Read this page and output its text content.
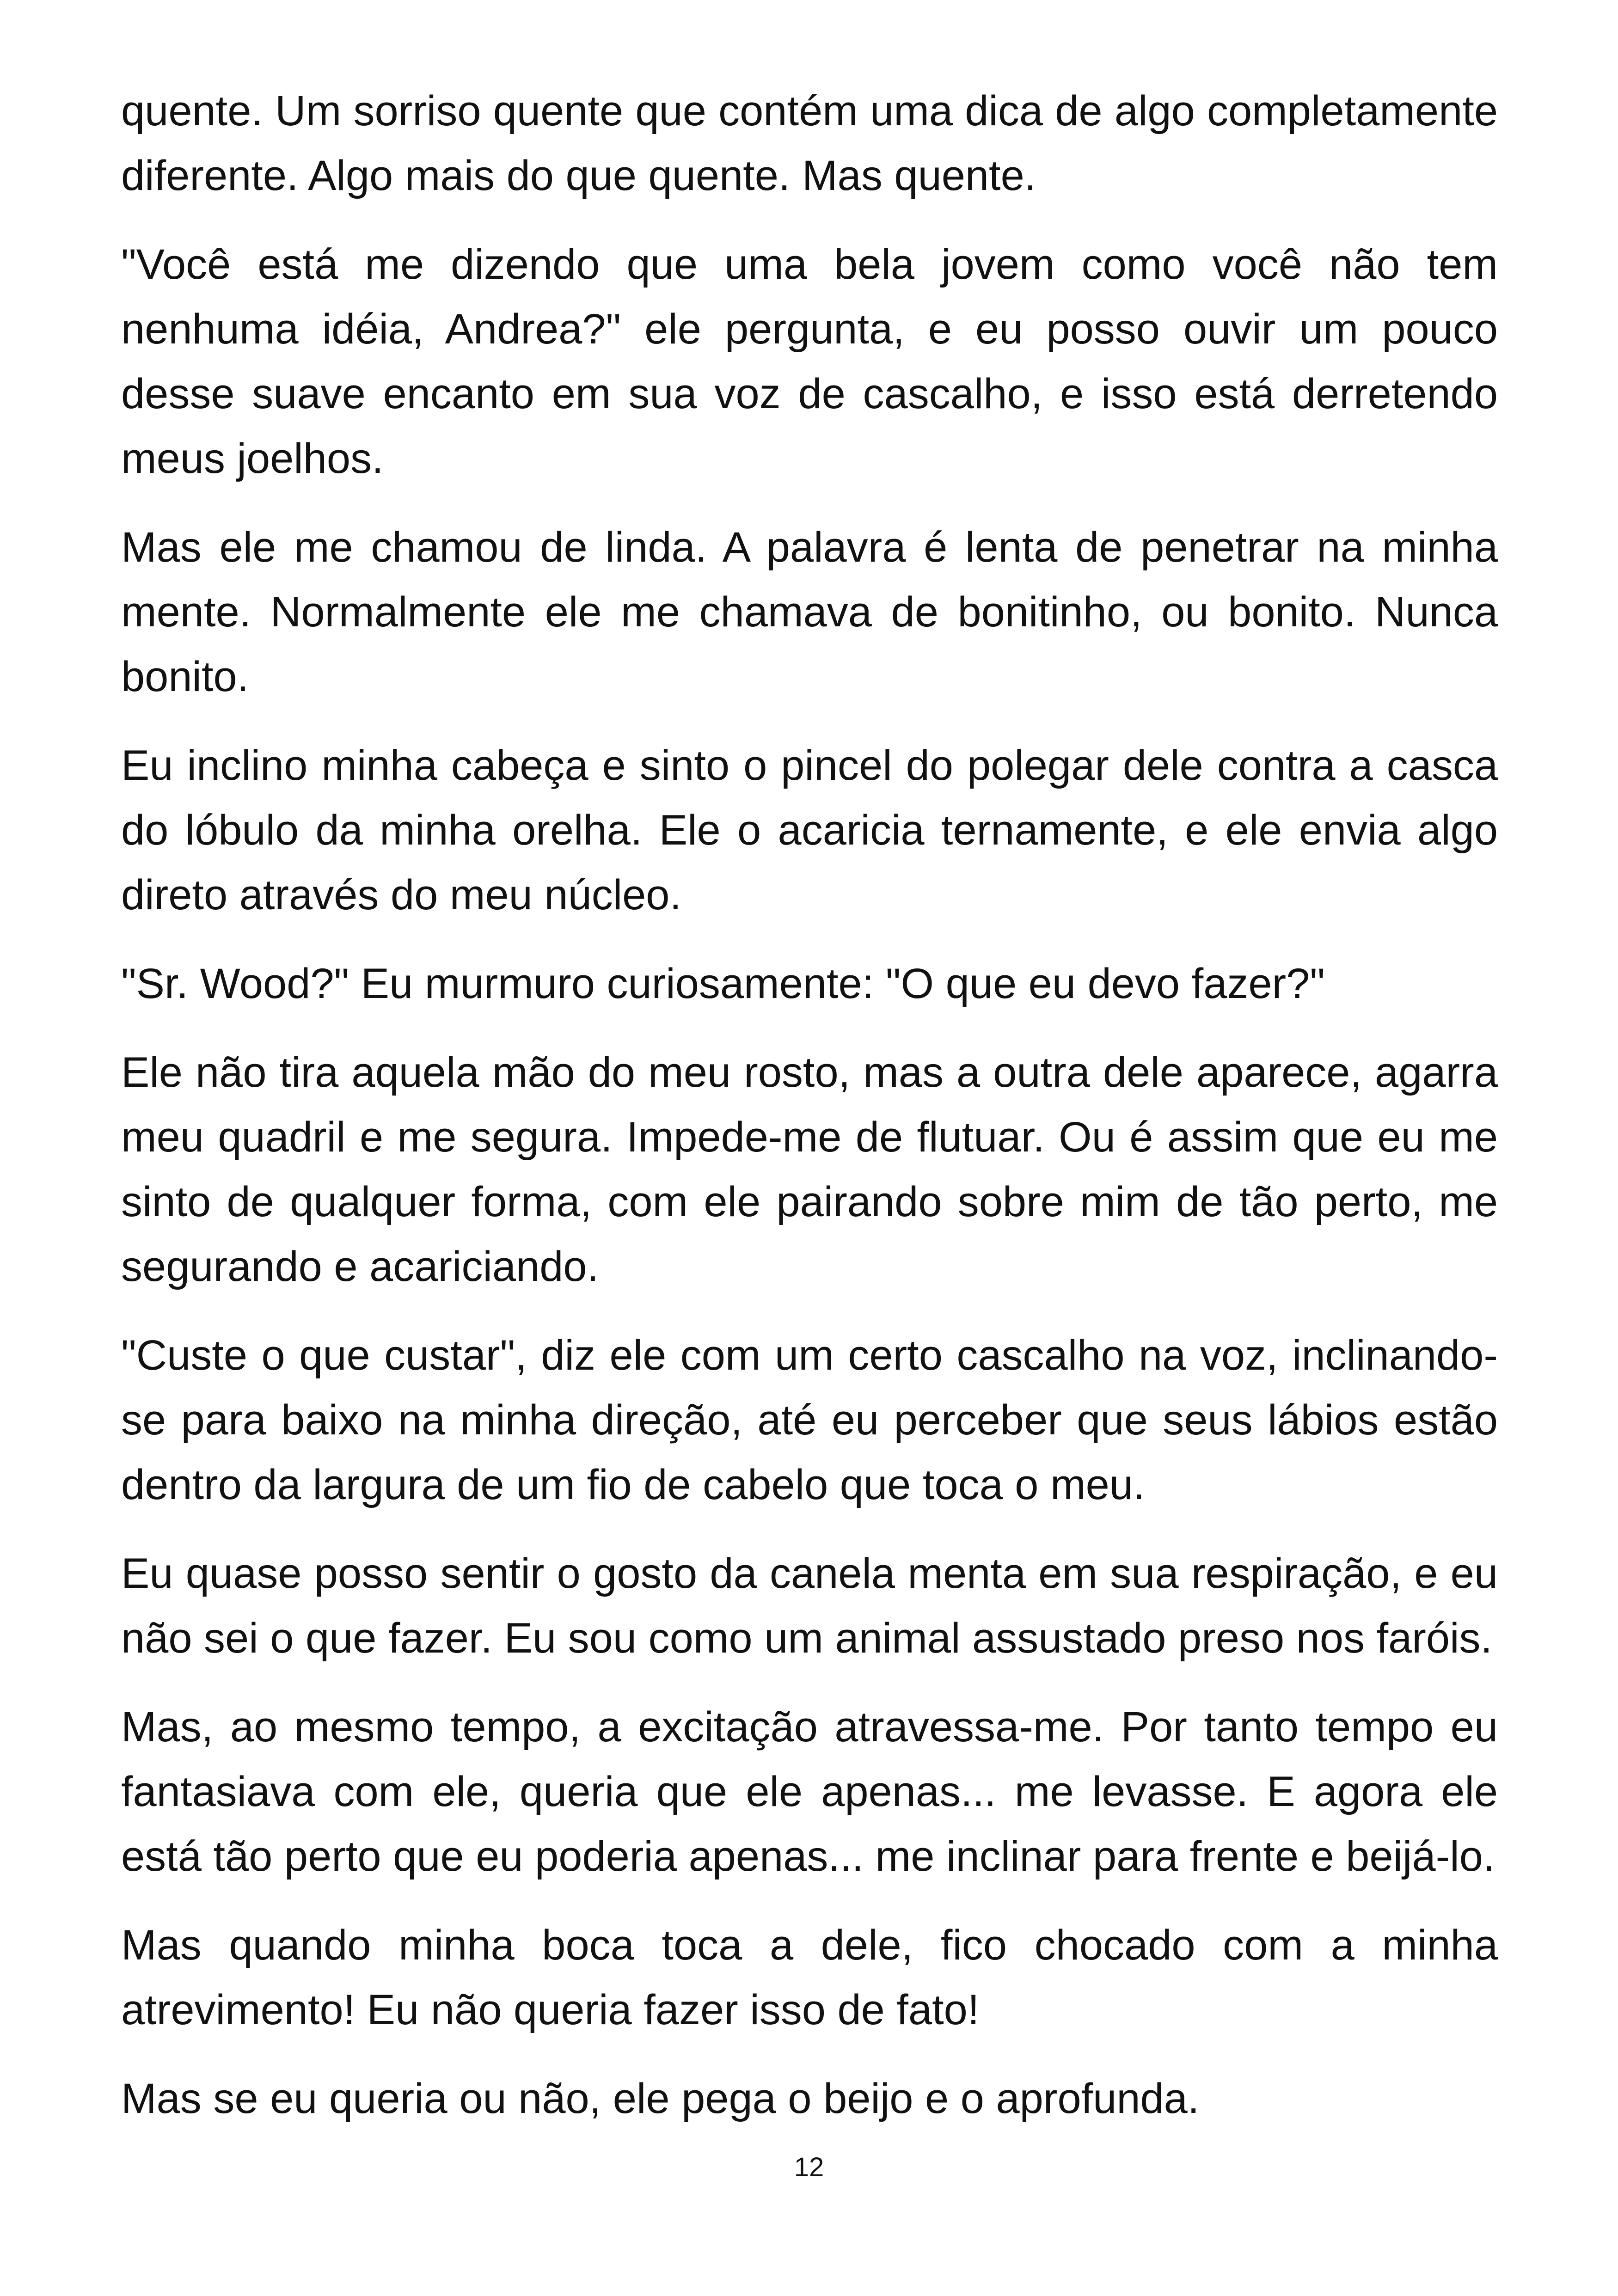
quente. Um sorriso quente que contém uma dica de algo completamente diferente. Algo mais do que quente. Mas quente.

"Você está me dizendo que uma bela jovem como você não tem nenhuma idéia, Andrea?" ele pergunta, e eu posso ouvir um pouco desse suave encanto em sua voz de cascalho, e isso está derretendo meus joelhos.

Mas ele me chamou de linda. A palavra é lenta de penetrar na minha mente. Normalmente ele me chamava de bonitinho, ou bonito. Nunca bonito.

Eu inclino minha cabeça e sinto o pincel do polegar dele contra a casca do lóbulo da minha orelha. Ele o acaricia ternamente, e ele envia algo direto através do meu núcleo.

"Sr. Wood?" Eu murmuro curiosamente: "O que eu devo fazer?"

Ele não tira aquela mão do meu rosto, mas a outra dele aparece, agarra meu quadril e me segura. Impede-me de flutuar. Ou é assim que eu me sinto de qualquer forma, com ele pairando sobre mim de tão perto, me segurando e acariciando.

"Custe o que custar", diz ele com um certo cascalho na voz, inclinando-se para baixo na minha direção, até eu perceber que seus lábios estão dentro da largura de um fio de cabelo que toca o meu.

Eu quase posso sentir o gosto da canela menta em sua respiração, e eu não sei o que fazer. Eu sou como um animal assustado preso nos faróis.

Mas, ao mesmo tempo, a excitação atravessa-me. Por tanto tempo eu fantasiava com ele, queria que ele apenas... me levasse. E agora ele está tão perto que eu poderia apenas... me inclinar para frente e beijá-lo.

Mas quando minha boca toca a dele, fico chocado com a minha atrevimento! Eu não queria fazer isso de fato!

Mas se eu queria ou não, ele pega o beijo e o aprofunda.

12
